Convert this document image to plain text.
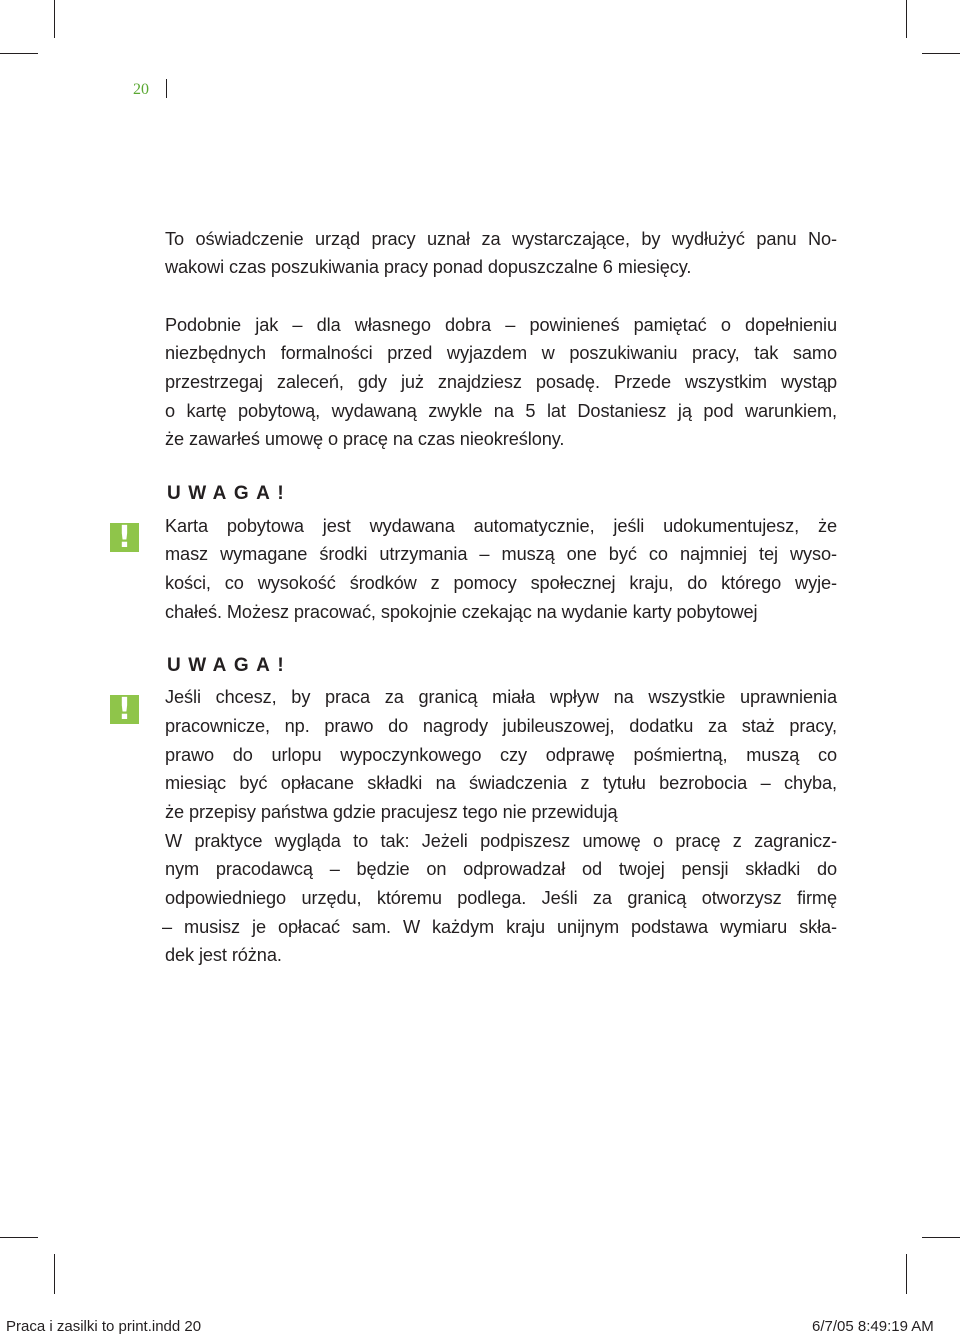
20
To oświadczenie urząd pracy uznał za wystarczające, by wydłużyć panu No-
wakowi czas poszukiwania pracy ponad dopuszczalne 6 miesięcy.
Podobnie jak – dla własnego dobra – powinieneś pamiętać o dopełnieniu
niezbędnych formalności przed wyjazdem w poszukiwaniu pracy, tak samo
przestrzegaj zaleceń, gdy już znajdziesz posadę. Przede wszystkim wystąp
o kartę pobytową, wydawaną zwykle na 5 lat Dostaniesz ją pod warunkiem,
że zawarłeś umowę o pracę na czas nieokreślony.
UWAGA!
! Karta pobytowa jest wydawana automatycznie, jeśli udokumentujesz, że
masz wymagane środki utrzymania – muszą one być co najmniej tej wyso-
kości, co wysokość środków z pomocy społecznej kraju, do którego wyje-
chałeś. Możesz pracować, spokojnie czekając na wydanie karty pobytowej
UWAGA!
! Jeśli chcesz, by praca za granicą miała wpływ na wszystkie uprawnienia
pracownicze, np. prawo do nagrody jubileuszowej, dodatku za staż pracy,
prawo do urlopu wypoczynkowego czy odprawę pośmiertną, muszą co
miesiąc być opłacane składki na świadczenia z tytułu bezrobocia – chyba,
że przepisy państwa gdzie pracujesz tego nie przewidują
W praktyce wygląda to tak: Jeżeli podpiszesz umowę o pracę z zagranicz-
nym pracodawcą – będzie on odprowadzał od twojej pensji składki do
odpowiedniego urzędu, któremu podlega. Jeśli za granicą otworzysz firmę
– musisz je opłacać sam. W każdym kraju unijnym podstawa wymiaru skła-
dek jest różna.
Praca i zasilki to print.indd 20	6/7/05 8:49:19 AM
